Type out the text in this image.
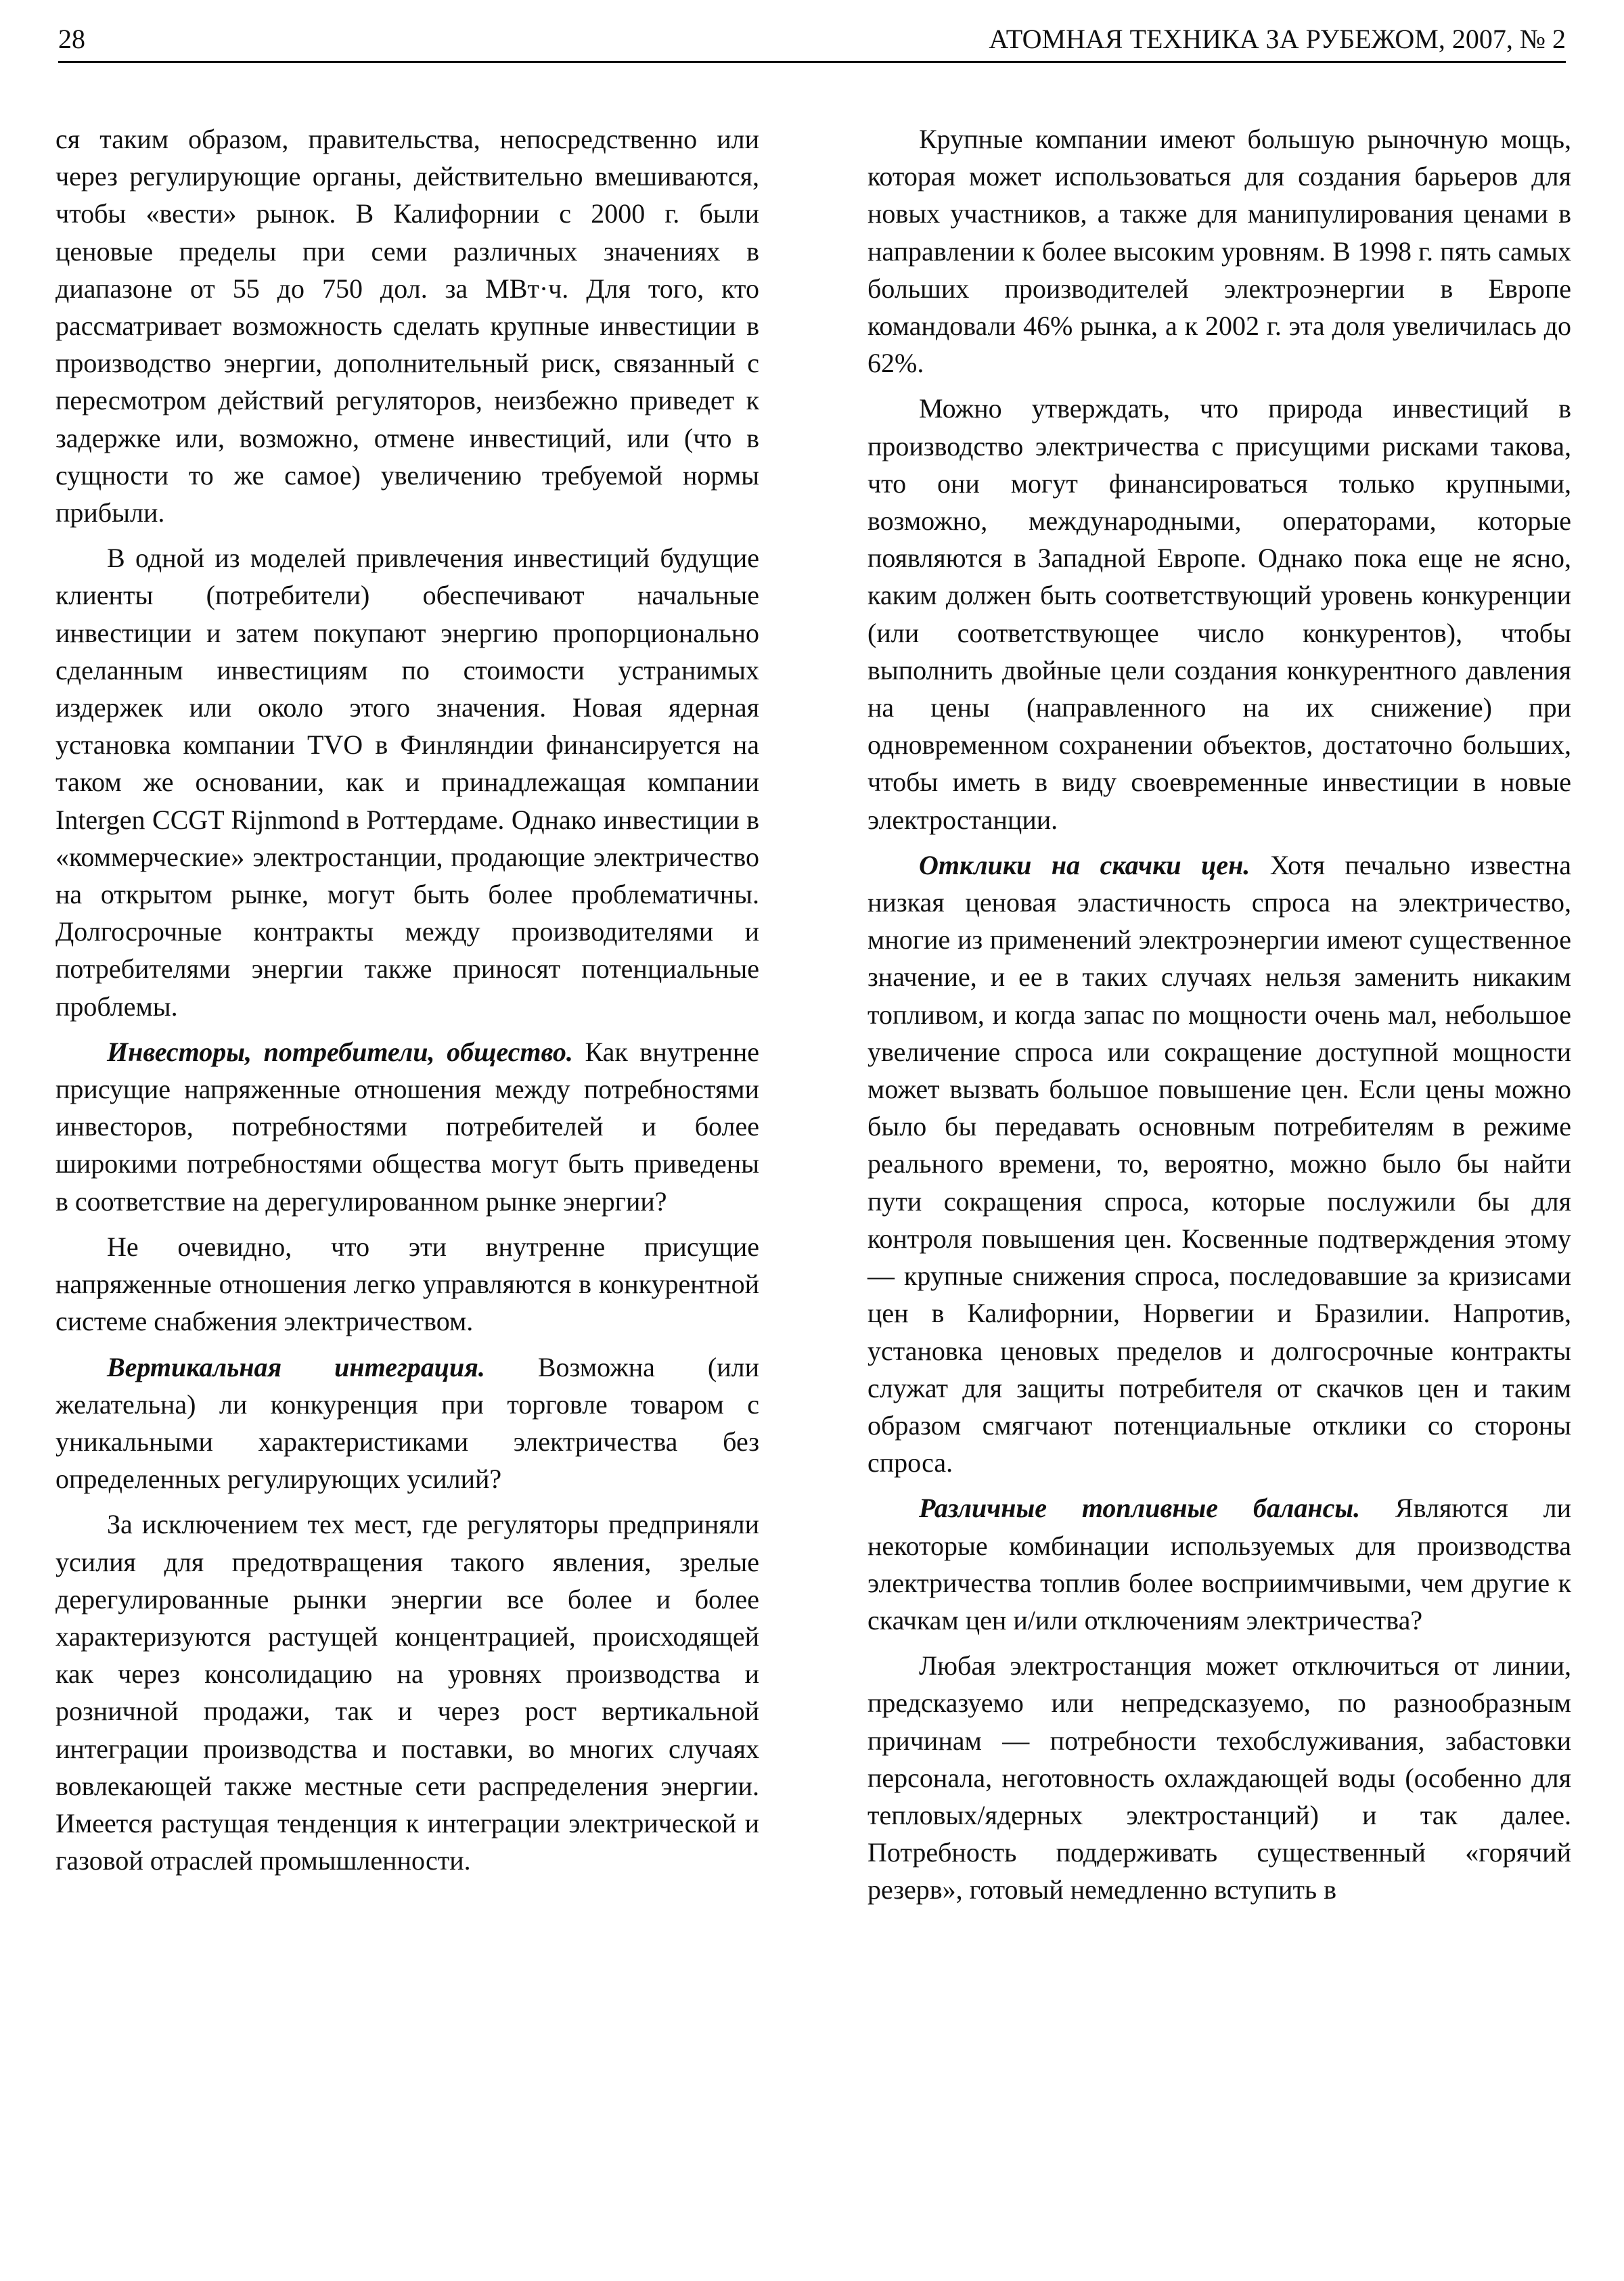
28	АТОМНАЯ ТЕХНИКА ЗА РУБЕЖОМ, 2007, № 2

ся таким образом, правительства, непосредственно или через регулирующие органы, действительно вмешиваются, чтобы «вести» рынок. В Калифорнии с 2000 г. были ценовые пределы при семи различных значениях в диапазоне от 55 до 750 дол. за МВт·ч. Для того, кто рассматривает возможность сделать крупные инвестиции в производство энергии, дополнительный риск, связанный с пересмотром действий регуляторов, неизбежно приведет к задержке или, возможно, отмене инвестиций, или (что в сущности то же самое) увеличению требуемой нормы прибыли.

В одной из моделей привлечения инвестиций будущие клиенты (потребители) обеспечивают начальные инвестиции и затем покупают энергию пропорционально сделанным инвестициям по стоимости устранимых издержек или около этого значения. Новая ядерная установка компании TVO в Финляндии финансируется на таком же основании, как и принадлежащая компании Intergen CCGT Rijnmond в Роттердаме. Однако инвестиции в «коммерческие» электростанции, продающие электричество на открытом рынке, могут быть более проблематичны. Долгосрочные контракты между производителями и потребителями энергии также приносят потенциальные проблемы.

Инвесторы, потребители, общество. Как внутренне присущие напряженные отношения между потребностями инвесторов, потребностями потребителей и более широкими потребностями общества могут быть приведены в соответствие на дерегулированном рынке энергии?

Не очевидно, что эти внутренне присущие напряженные отношения легко управляются в конкурентной системе снабжения электричеством.

Вертикальная интеграция. Возможна (или желательна) ли конкуренция при торговле товаром с уникальными характеристиками электричества без определенных регулирующих усилий?

За исключением тех мест, где регуляторы предприняли усилия для предотвращения такого явления, зрелые дерегулированные рынки энергии все более и более характеризуются растущей концентрацией, происходящей как через консолидацию на уровнях производства и розничной продажи, так и через рост вертикальной интеграции производства и поставки, во многих случаях вовлекающей также местные сети распределения энергии. Имеется растущая тенденция к интеграции электрической и газовой отраслей промышленности.

Крупные компании имеют большую рыночную мощь, которая может использоваться для создания барьеров для новых участников, а также для манипулирования ценами в направлении к более высоким уровням. В 1998 г. пять самых больших производителей электроэнергии в Европе командовали 46% рынка, а к 2002 г. эта доля увеличилась до 62%.

Можно утверждать, что природа инвестиций в производство электричества с присущими рисками такова, что они могут финансироваться только крупными, возможно, международными, операторами, которые появляются в Западной Европе. Однако пока еще не ясно, каким должен быть соответствующий уровень конкуренции (или соответствующее число конкурентов), чтобы выполнить двойные цели создания конкурентного давления на цены (направленного на их снижение) при одновременном сохранении объектов, достаточно больших, чтобы иметь в виду своевременные инвестиции в новые электростанции.

Отклики на скачки цен. Хотя печально известна низкая ценовая эластичность спроса на электричество, многие из применений электроэнергии имеют существенное значение, и ее в таких случаях нельзя заменить никаким топливом, и когда запас по мощности очень мал, небольшое увеличение спроса или сокращение доступной мощности может вызвать большое повышение цен. Если цены можно было бы передавать основным потребителям в режиме реального времени, то, вероятно, можно было бы найти пути сокращения спроса, которые послужили бы для контроля повышения цен. Косвенные подтверждения этому — крупные снижения спроса, последовавшие за кризисами цен в Калифорнии, Норвегии и Бразилии. Напротив, установка ценовых пределов и долгосрочные контракты служат для защиты потребителя от скачков цен и таким образом смягчают потенциальные отклики со стороны спроса.

Различные топливные балансы. Являются ли некоторые комбинации используемых для производства электричества топлив более восприимчивыми, чем другие к скачкам цен и/или отключениям электричества?

Любая электростанция может отключиться от линии, предсказуемо или непредсказуемо, по разнообразным причинам — потребности техобслуживания, забастовки персонала, неготовность охлаждающей воды (особенно для тепловых/ядерных электростанций) и так далее. Потребность поддерживать существенный «горячий резерв», готовый немедленно вступить в
